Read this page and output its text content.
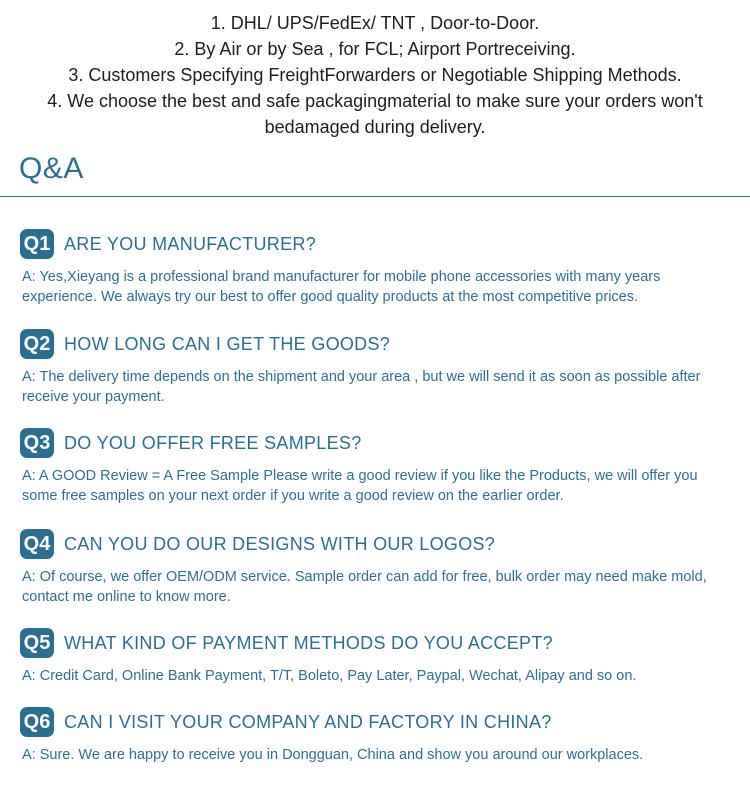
1. DHL/ UPS/FedEx/ TNT , Door-to-Door.
2. By Air or by Sea , for FCL; Airport Portreceiving.
3. Customers Specifying FreightForwarders or Negotiable Shipping Methods.
4. We choose the best and safe packagingmaterial to make sure your orders won't
bedamaged during delivery.
Q&A
Q1 ARE YOU MANUFACTURER?
A: Yes,Xieyang is a professional brand manufacturer for mobile phone accessories with many years experience. We always try our best to offer good quality products at the most competitive prices.
Q2 HOW LONG CAN I GET THE GOODS?
A: The delivery time depends on the shipment and your area , but we will send it as soon as possible after receive your payment.
Q3 DO YOU OFFER FREE SAMPLES?
A: A GOOD Review = A Free Sample Please write a good review if you like the Products, we will offer you some free samples on your next order if you write a good review on the earlier order.
Q4 CAN YOU DO OUR DESIGNS WITH OUR LOGOS?
A: Of course, we offer OEM/ODM service. Sample order can add for free, bulk order may need make mold, contact me online to know more.
Q5 WHAT KIND OF PAYMENT METHODS DO YOU ACCEPT?
A: Credit Card, Online Bank Payment, T/T, Boleto, Pay Later, Paypal, Wechat, Alipay and so on.
Q6 CAN I VISIT YOUR COMPANY AND FACTORY IN CHINA?
A: Sure. We are happy to receive you in Dongguan, China and show you around our workplaces.
